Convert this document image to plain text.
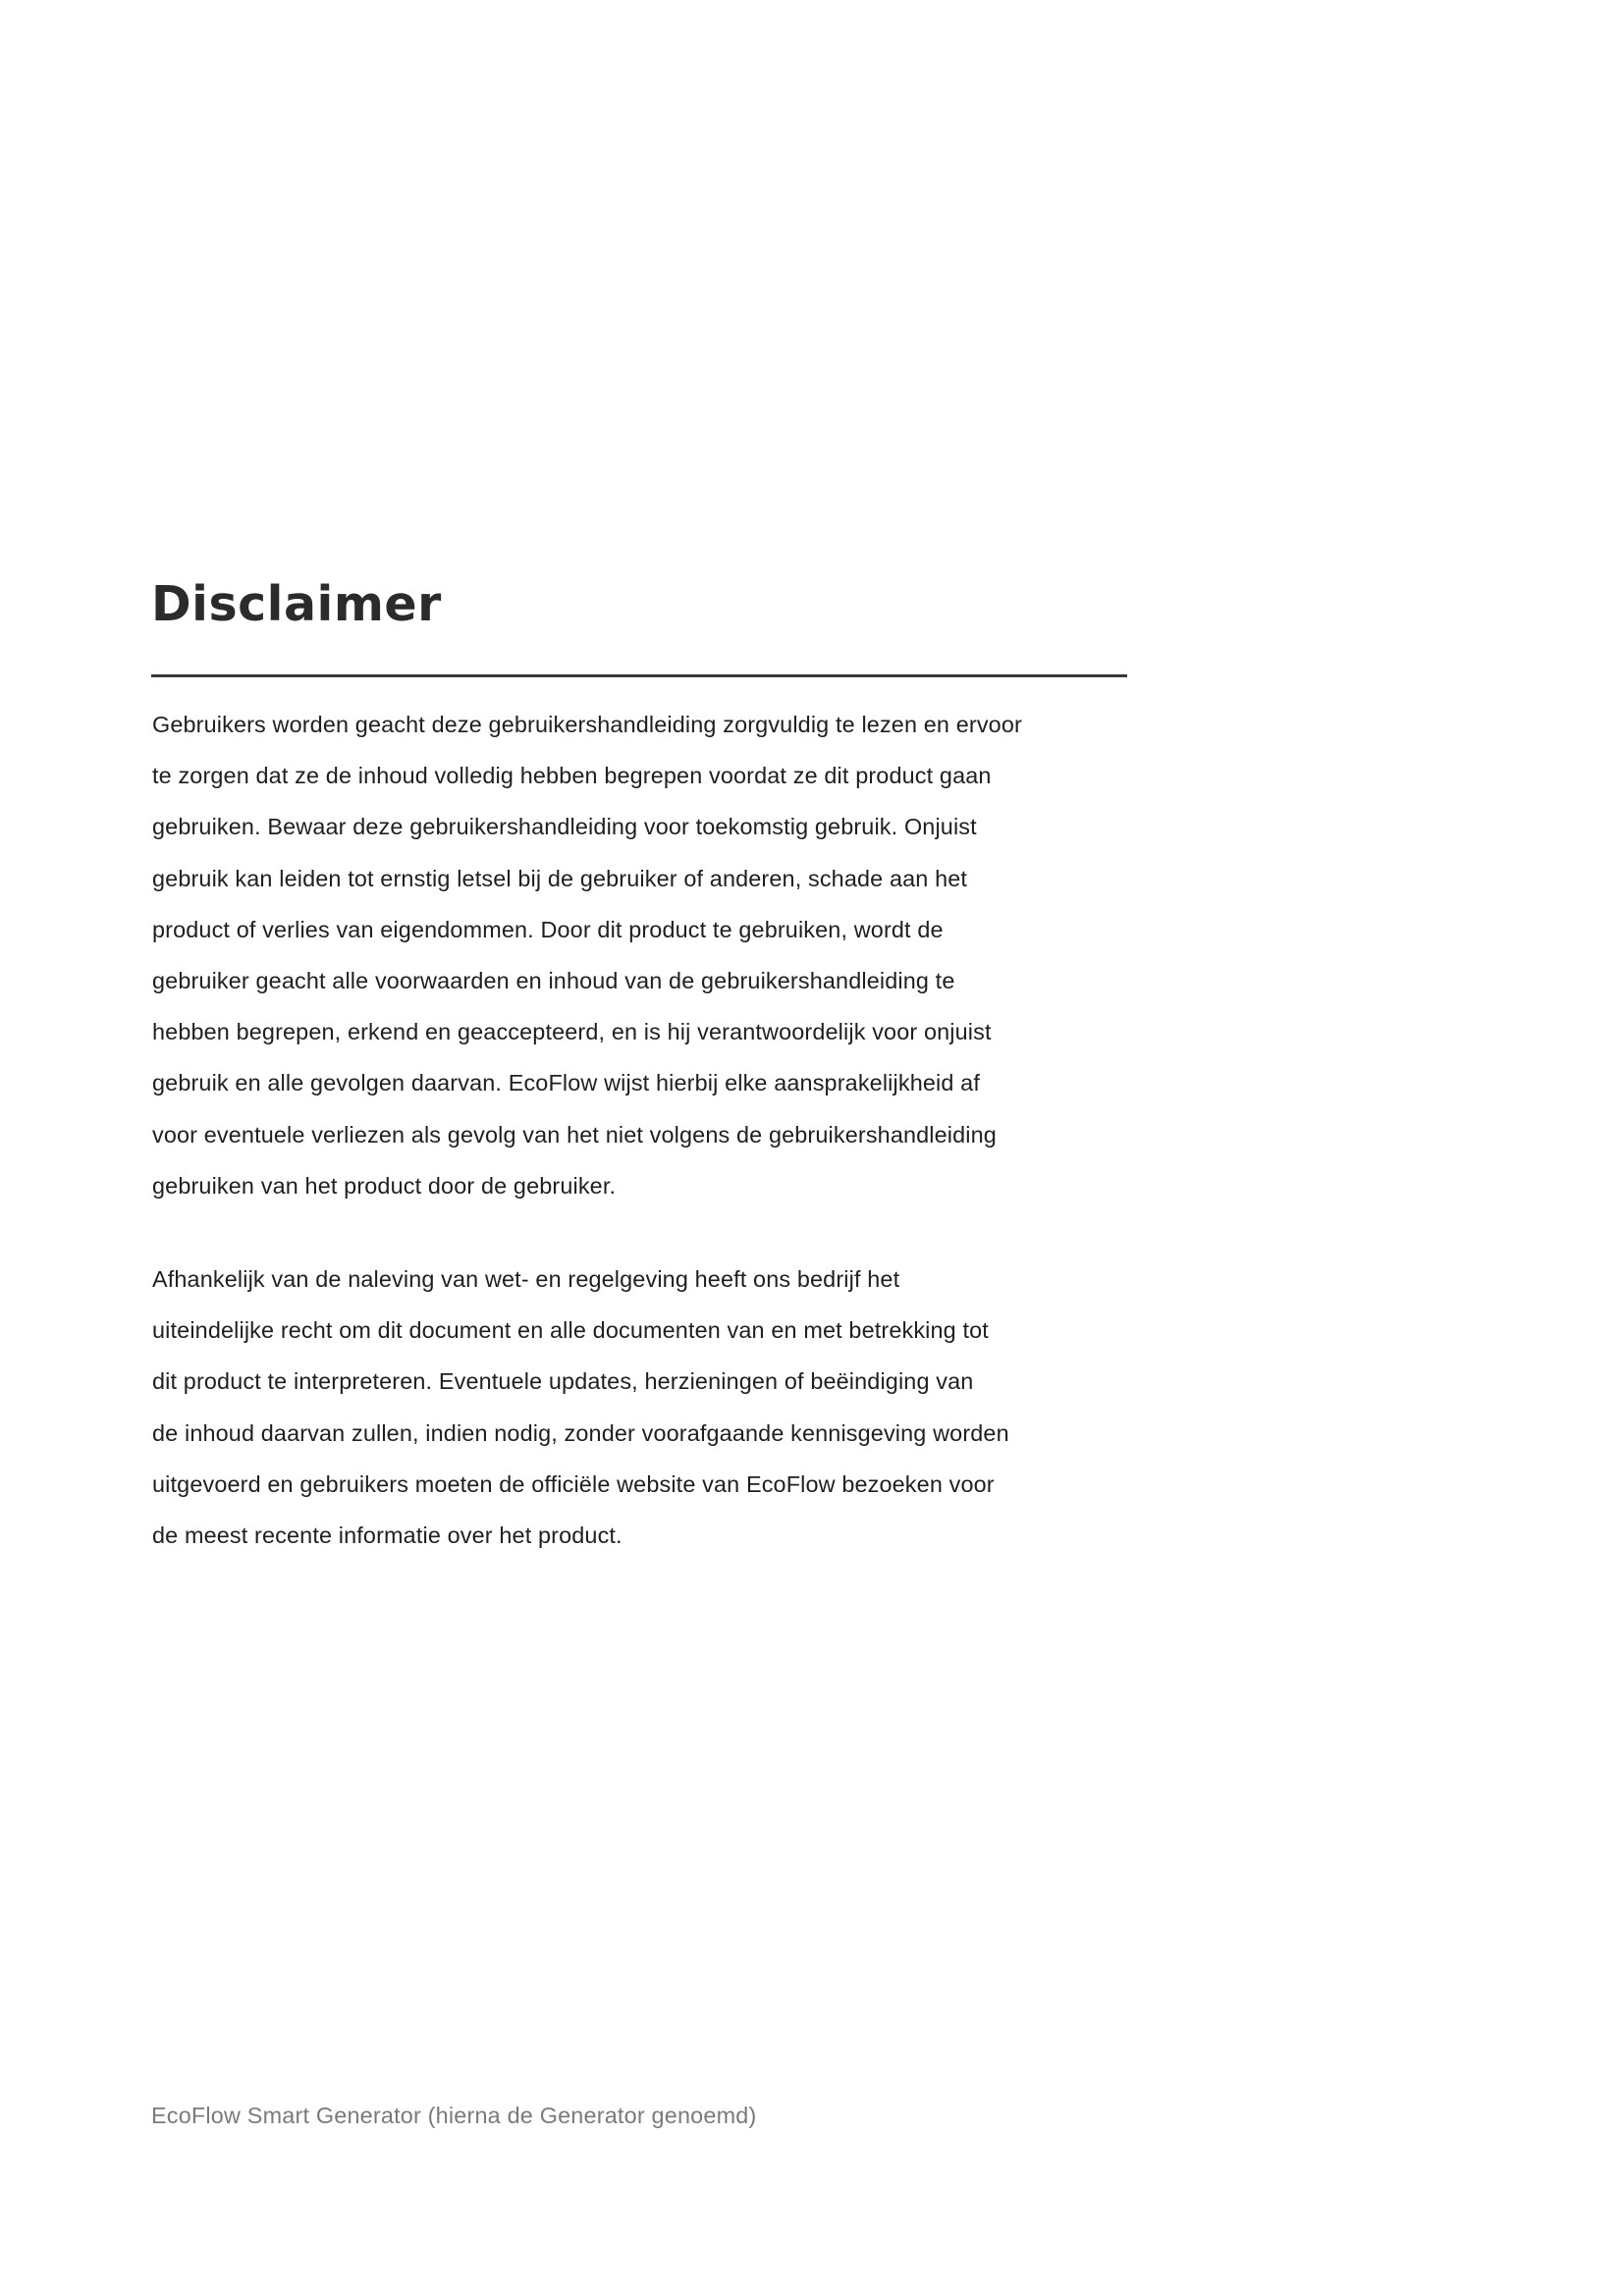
Disclaimer
Gebruikers worden geacht deze gebruikershandleiding zorgvuldig te lezen en ervoor
te zorgen dat ze de inhoud volledig hebben begrepen voordat ze dit product gaan
gebruiken. Bewaar deze gebruikershandleiding voor toekomstig gebruik. Onjuist
gebruik kan leiden tot ernstig letsel bij de gebruiker of anderen, schade aan het
product of verlies van eigendommen. Door dit product te gebruiken, wordt de
gebruiker geacht alle voorwaarden en inhoud van de gebruikershandleiding te
hebben begrepen, erkend en geaccepteerd, en is hij verantwoordelijk voor onjuist
gebruik en alle gevolgen daarvan. EcoFlow wijst hierbij elke aansprakelijkheid af
voor eventuele verliezen als gevolg van het niet volgens de gebruikershandleiding
gebruiken van het product door de gebruiker.
Afhankelijk van de naleving van wet- en regelgeving heeft ons bedrijf het
uiteindelijke recht om dit document en alle documenten van en met betrekking tot
dit product te interpreteren. Eventuele updates, herzieningen of beëindiging van
de inhoud daarvan zullen, indien nodig, zonder voorafgaande kennisgeving worden
uitgevoerd en gebruikers moeten de officiële website van EcoFlow bezoeken voor
de meest recente informatie over het product.

EcoFlow Smart Generator (hierna de Generator genoemd)
